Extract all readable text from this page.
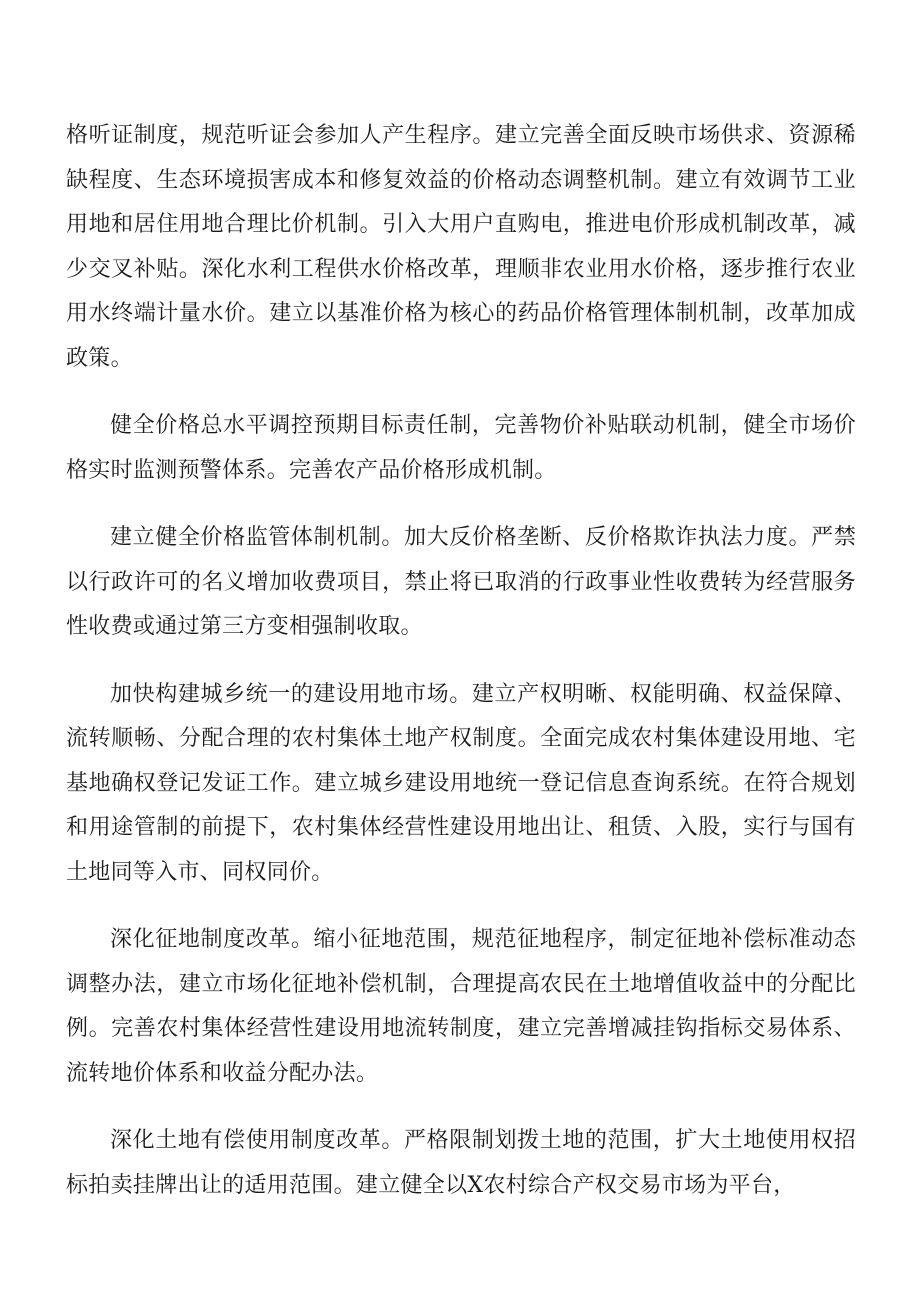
格听证制度，规范听证会参加人产生程序。建立完善全面反映市场供求、资源稀缺程度、生态环境损害成本和修复效益的价格动态调整机制。建立有效调节工业用地和居住用地合理比价机制。引入大用户直购电，推进电价形成机制改革，减少交叉补贴。深化水利工程供水价格改革，理顺非农业用水价格，逐步推行农业用水终端计量水价。建立以基准价格为核心的药品价格管理体制机制，改革加成政策。

健全价格总水平调控预期目标责任制，完善物价补贴联动机制，健全市场价格实时监测预警体系。完善农产品价格形成机制。

建立健全价格监管体制机制。加大反价格垄断、反价格欺诈执法力度。严禁以行政许可的名义增加收费项目，禁止将已取消的行政事业性收费转为经营服务性收费或通过第三方变相强制收取。

加快构建城乡统一的建设用地市场。建立产权明晰、权能明确、权益保障、流转顺畅、分配合理的农村集体土地产权制度。全面完成农村集体建设用地、宅基地确权登记发证工作。建立城乡建设用地统一登记信息查询系统。在符合规划和用途管制的前提下，农村集体经营性建设用地出让、租赁、入股，实行与国有土地同等入市、同权同价。

深化征地制度改革。缩小征地范围，规范征地程序，制定征地补偿标准动态调整办法，建立市场化征地补偿机制，合理提高农民在土地增值收益中的分配比例。完善农村集体经营性建设用地流转制度，建立完善增减挂钩指标交易体系、流转地价体系和收益分配办法。

深化土地有偿使用制度改革。严格限制划拨土地的范围，扩大土地使用权招标拍卖挂牌出让的适用范围。建立健全以X农村综合产权交易市场为平台，
